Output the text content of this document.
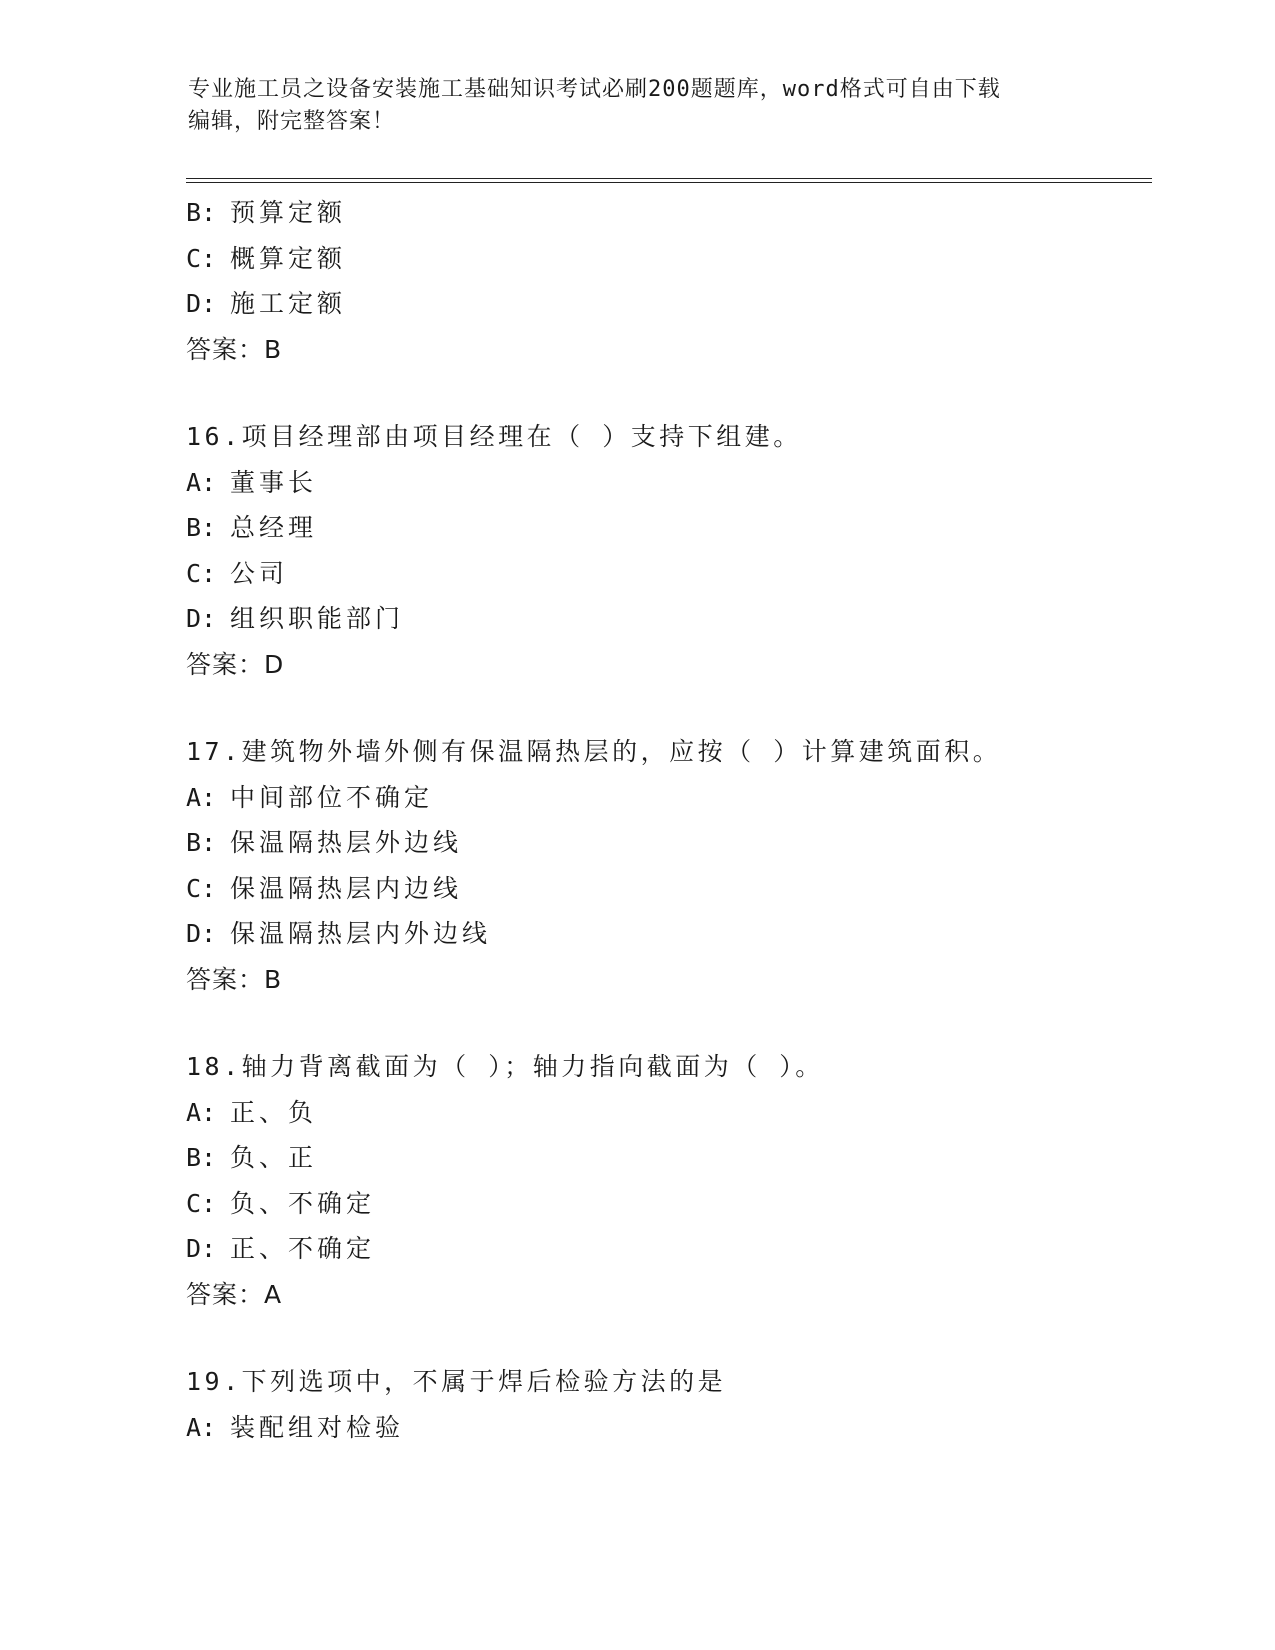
专业施工员之设备安装施工基础知识考试必刷200题题库，word格式可自由下载
编辑，附完整答案！
B: 预算定额
C: 概算定额
D: 施工定额
答案：B
16.项目经理部由项目经理在（ ）支持下组建。
A: 董事长
B: 总经理
C: 公司
D: 组织职能部门
答案：D
17.建筑物外墙外侧有保温隔热层的，应按（ ）计算建筑面积。
A: 中间部位不确定
B: 保温隔热层外边线
C: 保温隔热层内边线
D: 保温隔热层内外边线
答案：B
18.轴力背离截面为（ ）；轴力指向截面为（ ）。
A: 正、负
B: 负、正
C: 负、不确定
D: 正、不确定
答案：A
19.下列选项中，不属于焊后检验方法的是
A: 装配组对检验
